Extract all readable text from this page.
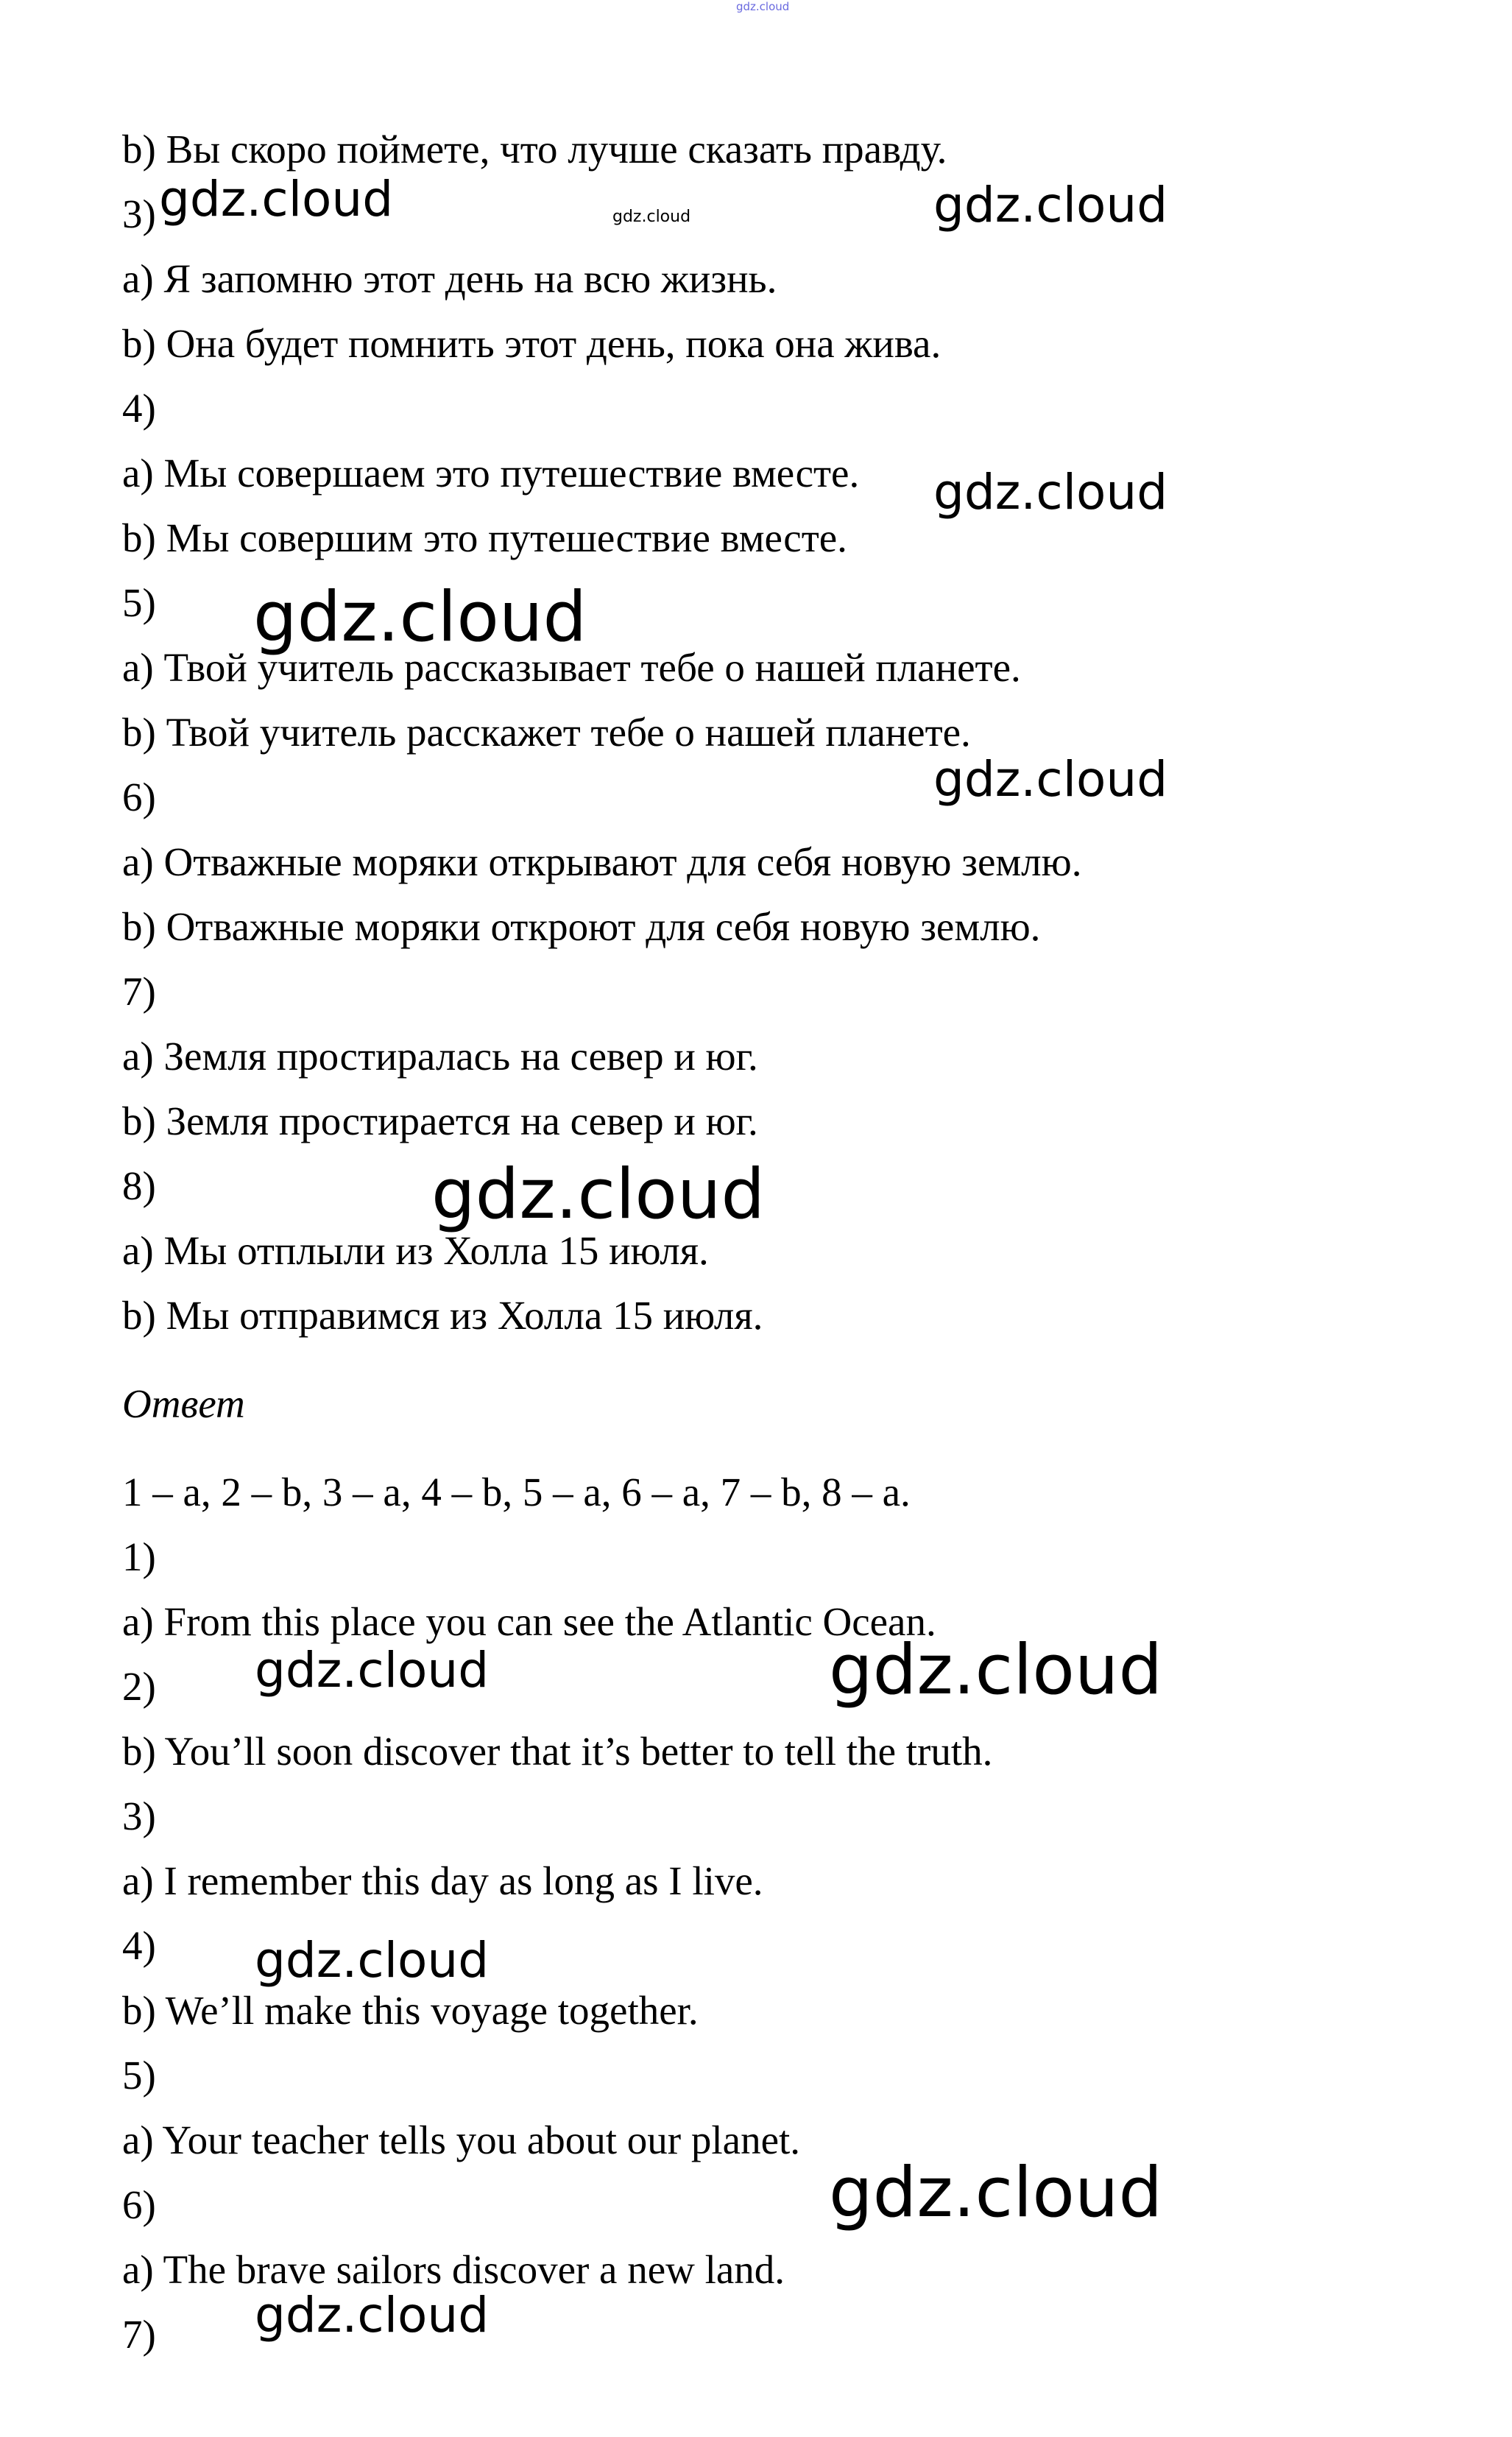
gdz.cloud
b) Вы скоро поймете, что лучше сказать правду.
3)
a) Я запомню этот день на всю жизнь.
b) Она будет помнить этот день, пока она жива.
4)
a) Мы совершаем это путешествие вместе.
b) Мы совершим это путешествие вместе.
5)
a) Твой учитель рассказывает тебе о нашей планете.
b) Твой учитель расскажет тебе о нашей планете.
6)
a) Отважные моряки открывают для себя новую землю.
b) Отважные моряки откроют для себя новую землю.
7)
a) Земля простиралась на север и юг.
b) Земля простирается на север и юг.
8)
a) Мы отплыли из Холла 15 июля.
b) Мы отправимся из Холла 15 июля.
Ответ
1 – a, 2 – b, 3 – a, 4 – b, 5 – a, 6 – a, 7 – b, 8 – a.
1)
a) From this place you can see the Atlantic Ocean.
2)
b) You’ll soon discover that it’s better to tell the truth.
3)
a) I remember this day as long as I live.
4)
b) We’ll make this voyage together.
5)
a) Your teacher tells you about our planet.
6)
a) The brave sailors discover a new land.
7)
gdz.cloud	gdz.cloud	gdz.cloud
gdz.cloud
gdz.cloud
gdz.cloud
gdz.cloud
gdz.cloud	gdz.cloud
gdz.cloud
gdz.cloud
gdz.cloud
